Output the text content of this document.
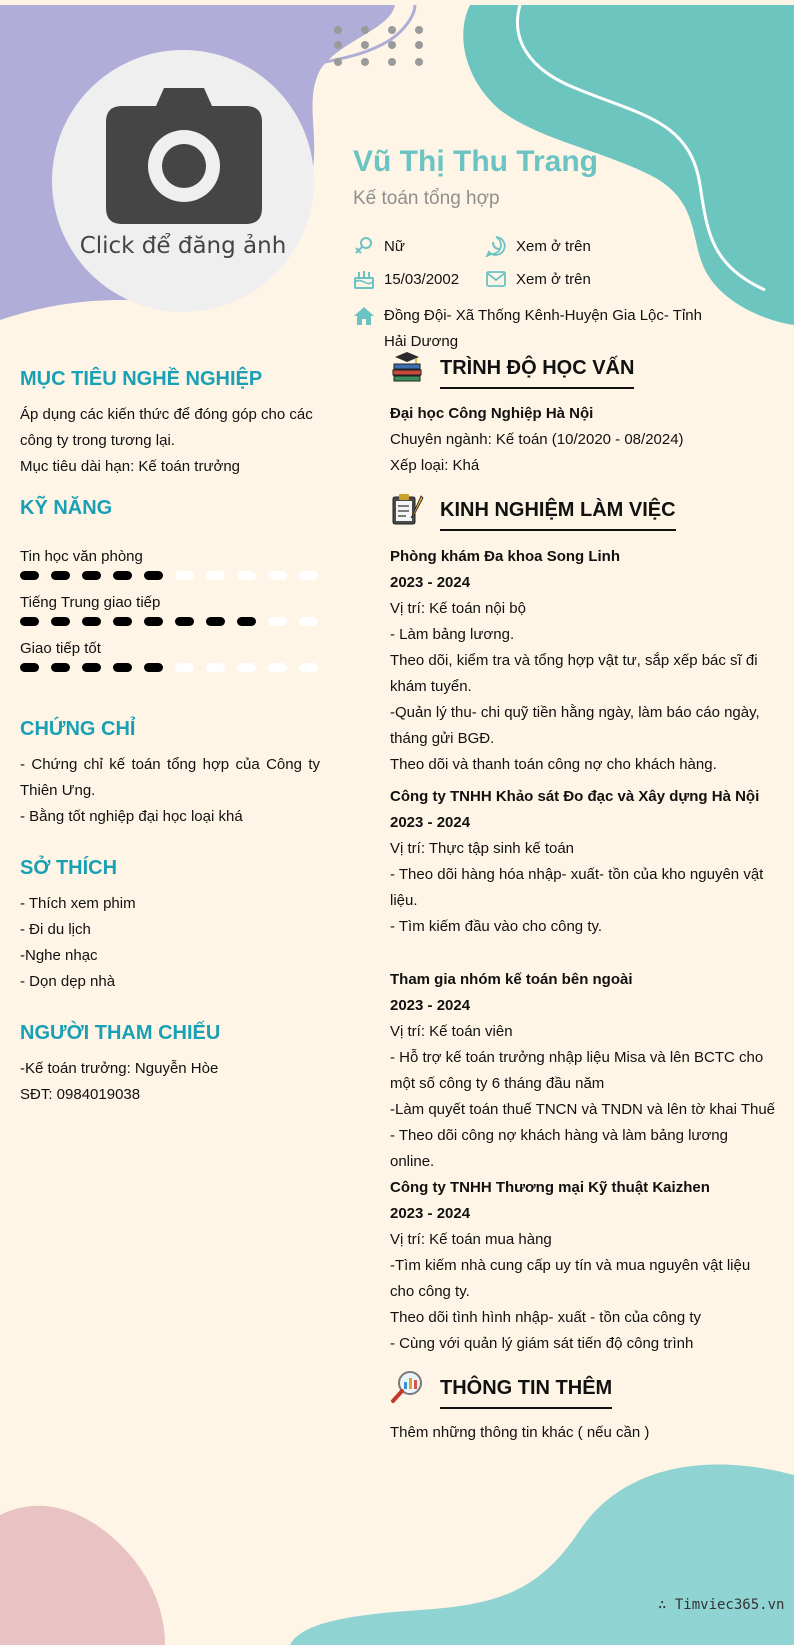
Click để đăng ảnh
Vũ Thị Thu Trang
Kế toán tổng hợp
Nữ	Xem ở trên
15/03/2002	Xem ở trên
Đồng Đội- Xã Thống Kênh-Huyện Gia Lộc- Tỉnh Hải Dương
MỤC TIÊU NGHỀ NGHIỆP

Áp dụng các kiến thức để đóng góp cho các công ty trong tương lại.

Mục tiêu dài hạn: Kế toán trưởng

KỸ NĂNG
Tin học văn phòng
Tiếng Trung giao tiếp
Giao tiếp tốt
CHỨNG CHỈ

- Chứng chỉ kế toán tổng hợp của Công ty Thiên Ưng.

- Bằng tốt nghiệp đại học loại khá

SỞ THÍCH

- Thích xem phim

- Đi du lịch

-Nghe nhạc

- Dọn dẹp nhà

NGƯỜI THAM CHIẾU

-Kế toán trưởng: Nguyễn Hòe

SĐT: 0984019038

TRÌNH ĐỘ HỌC VẤN

Đại học Công Nghiệp Hà Nội

Chuyên ngành: Kế toán (10/2020 - 08/2024)

Xếp loại: Khá

KINH NGHIỆM LÀM VIỆC

Phòng khám Đa khoa Song Linh

2023 - 2024

Vị trí: Kế toán nội bộ

- Làm bảng lương.

Theo dõi, kiểm tra và tổng hợp vật tư, sắp xếp bác sĩ đi khám tuyển.

-Quản lý thu- chi quỹ tiền hằng ngày, làm báo cáo ngày, tháng gửi BGĐ.

Theo dõi và thanh toán công nợ cho khách hàng.

Công ty TNHH Khảo sát Đo đạc và Xây dựng Hà Nội

2023 - 2024

Vị trí: Thực tập sinh kế toán

- Theo dõi hàng hóa nhập- xuất- tồn của kho nguyên vật liệu.

- Tìm kiếm đầu vào cho công ty.

Tham gia nhóm kế toán bên ngoài

2023 - 2024

Vị trí: Kế toán viên

- Hỗ trợ kế toán trưởng nhập liệu Misa và lên BCTC cho một số công ty 6 tháng đầu năm

-Làm quyết toán thuế TNCN và TNDN và lên tờ khai Thuế

- Theo dõi công nợ khách hàng và làm bảng lương online.

Công ty TNHH Thương mại Kỹ thuật Kaizhen

2023 - 2024

Vị trí: Kế toán mua hàng

-Tìm kiếm nhà cung cấp uy tín và mua nguyên vật liệu cho công ty.

Theo dõi tình hình nhập- xuất - tồn của công ty

- Cùng với quản lý giám sát tiến độ công trình

THÔNG TIN THÊM

Thêm những thông tin khác ( nếu cần )

∴ Timviec365.vn
